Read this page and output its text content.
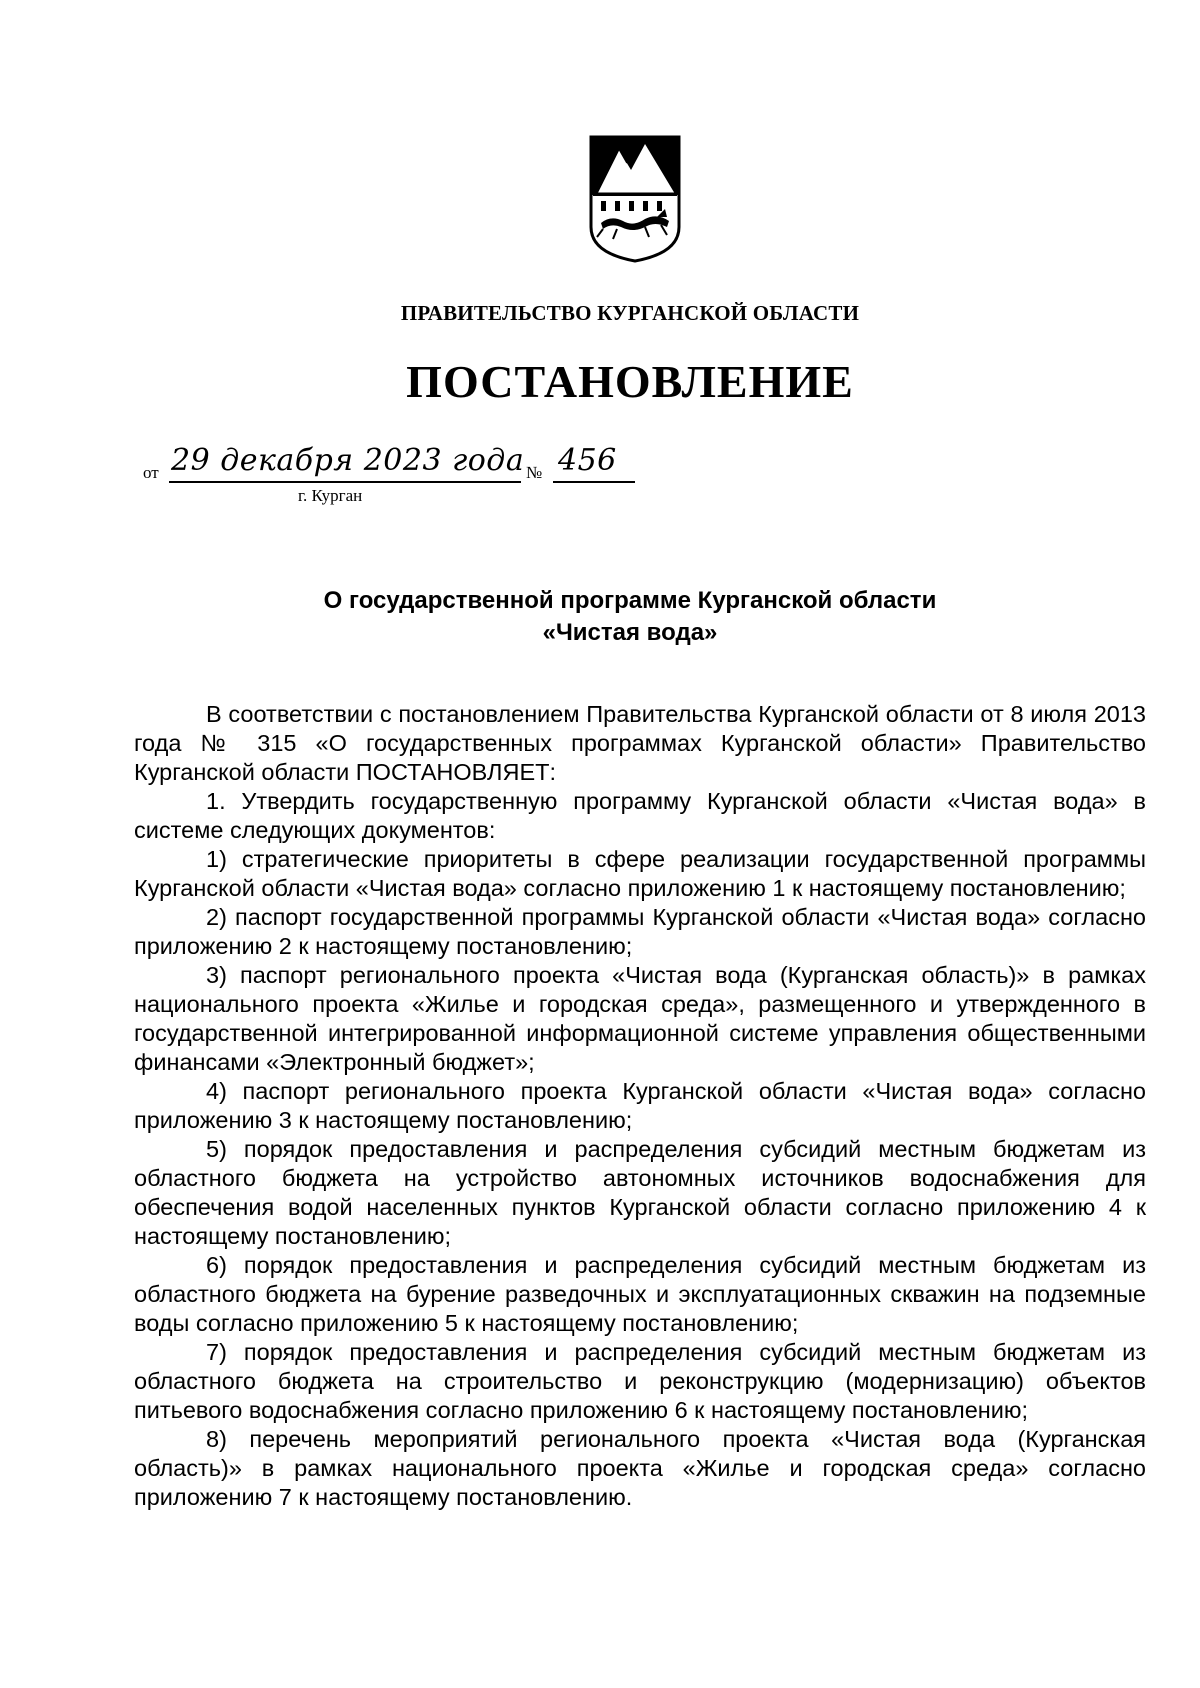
ПРАВИТЕЛЬСТВО КУРГАНСКОЙ ОБЛАСТИ
ПОСТАНОВЛЕНИЕ
от 29 декабря 2023 года № 456
г. Курган
О государственной программе Курганской области
«Чистая вода»

В соответствии с постановлением Правительства Курганской области от 8 июля 2013 года № 315 «О государственных программах Курганской области» Правительство Курганской области ПОСТАНОВЛЯЕТ:

1. Утвердить государственную программу Курганской области «Чистая вода» в системе следующих документов:

1) стратегические приоритеты в сфере реализации государственной программы Курганской области «Чистая вода» согласно приложению 1 к настоящему постановлению;

2) паспорт государственной программы Курганской области «Чистая вода» согласно приложению 2 к настоящему постановлению;

3) паспорт регионального проекта «Чистая вода (Курганская область)» в рамках национального проекта «Жилье и городская среда», размещенного и утвержденного в государственной интегрированной информационной системе управления общественными финансами «Электронный бюджет»;

4) паспорт регионального проекта Курганской области «Чистая вода» согласно приложению 3 к настоящему постановлению;

5) порядок предоставления и распределения субсидий местным бюджетам из областного бюджета на устройство автономных источников водоснабжения для обеспечения водой населенных пунктов Курганской области согласно приложению 4 к настоящему постановлению;

6) порядок предоставления и распределения субсидий местным бюджетам из областного бюджета на бурение разведочных и эксплуатационных скважин на подземные воды согласно приложению 5 к настоящему постановлению;

7) порядок предоставления и распределения субсидий местным бюджетам из областного бюджета на строительство и реконструкцию (модернизацию) объектов питьевого водоснабжения согласно приложению 6 к настоящему постановлению;

8) перечень мероприятий регионального проекта «Чистая вода (Курганская область)» в рамках национального проекта «Жилье и городская среда» согласно приложению 7 к настоящему постановлению.
